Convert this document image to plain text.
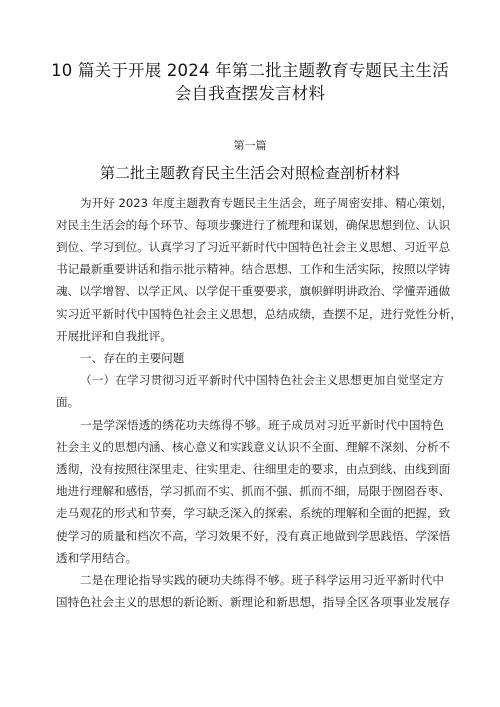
10 篇关于开展 2024 年第二批主题教育专题民主生活
会自我查摆发言材料
第一篇
第二批主题教育民主生活会对照检查剖析材料
为开好 2023 年度主题教育专题民主生活会，班子周密安排、精心策划，
对民主生活会的每个环节、每项步骤进行了梳理和谋划，确保思想到位、认识
到位、学习到位。认真学习了习近平新时代中国特色社会主义思想、习近平总
书记最新重要讲话和指示批示精神。结合思想、工作和生活实际，按照以学铸
魂、以学增智、以学正风、以学促干重要要求，旗帜鲜明讲政治、学懂弄通做
实习近平新时代中国特色社会主义思想，总结成绩，查摆不足，进行党性分析，
开展批评和自我批评。
一、存在的主要问题
（一）在学习贯彻习近平新时代中国特色社会主义思想更加自觉坚定方
面。
一是学深悟透的绣花功夫练得不够。班子成员对习近平新时代中国特色
社会主义的思想内涵、核心意义和实践意义认识不全面、理解不深刻、分析不
透彻，没有按照往深里走、往实里走、往细里走的要求，由点到线、由线到面
地进行理解和感悟，学习抓而不实、抓而不强、抓而不细，局限于囫囵吞枣、
走马观花的形式和节奏，学习缺乏深入的探索、系统的理解和全面的把握，致
使学习的质量和档次不高，学习效果不好，没有真正地做到学思践悟、学深悟
透和学用结合。
二是在理论指导实践的硬功夫练得不够。班子科学运用习近平新时代中
国特色社会主义的思想的新论断、新理论和新思想，指导全区各项事业发展存
